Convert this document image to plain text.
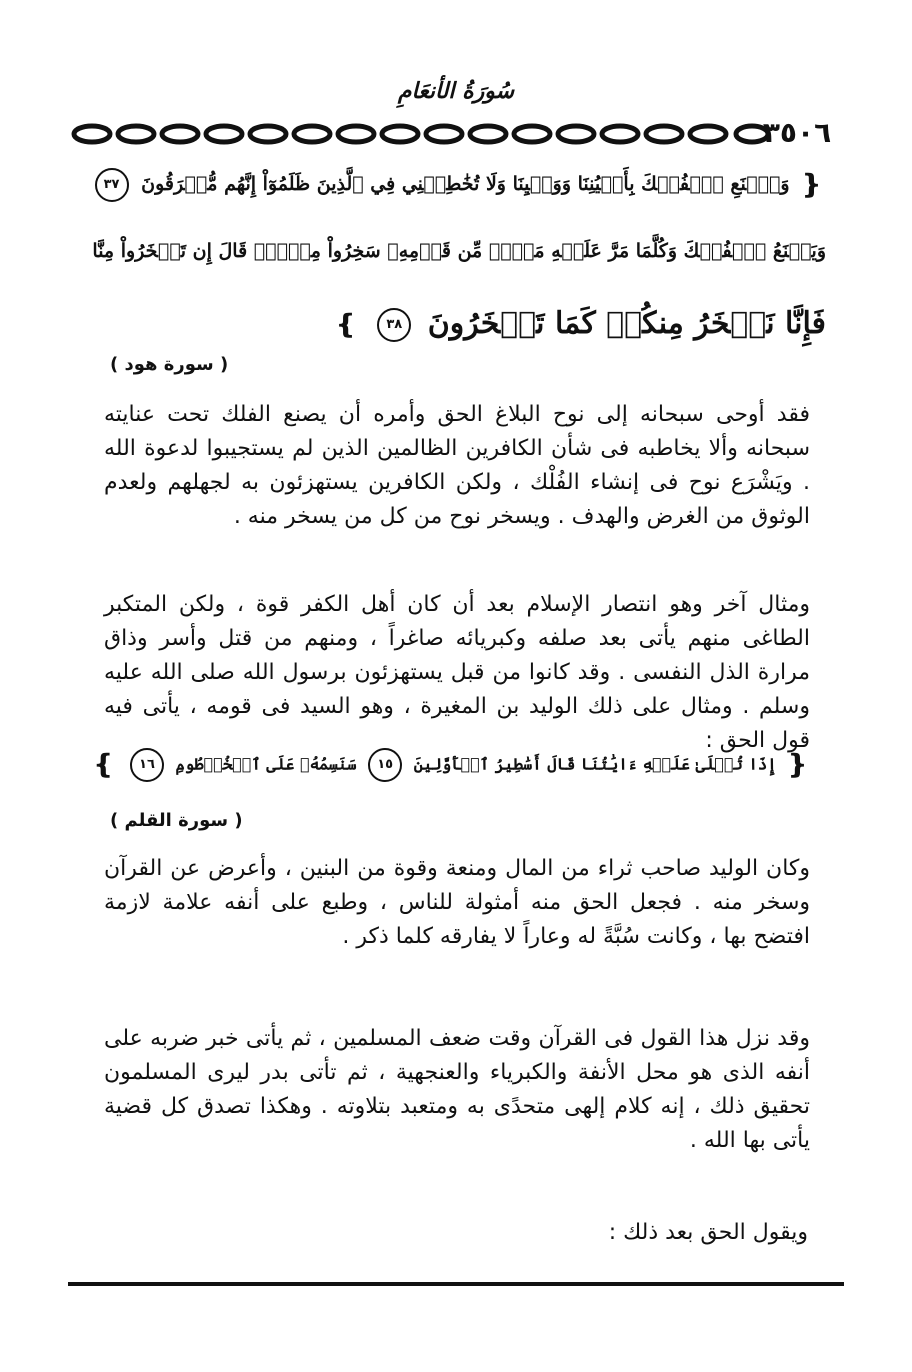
سُورَةُ الأنعَامِ
٣٥٠٦
❴ وَٱصۡنَعِ ٱلۡفُلۡكَ بِأَعۡيُنِنَا وَوَحۡيِنَا وَلَا تُخَٰطِبۡنِي فِي ٱلَّذِينَ ظَلَمُوٓاْ إِنَّهُم مُّغۡرَقُونَ ٣٧
وَيَصۡنَعُ ٱلۡفُلۡكَ وَكُلَّمَا مَرَّ عَلَيۡهِ مَلَأٞ مِّن قَوۡمِهِۦ سَخِرُواْ مِنۡهُۚ قَالَ إِن تَسۡخَرُواْ مِنَّا
فَإِنَّا نَسۡخَرُ مِنكُمۡ كَمَا تَسۡخَرُونَ ٣٨ ❵
( سورة هود )
فقد أوحى سبحانه إلى نوح البلاغ الحق وأمره أن يصنع الفلك تحت عنايته سبحانه وألا يخاطبه فى شأن الكافرين الظالمين الذين لم يستجيبوا لدعوة الله . ويَشْرَع نوح فى إنشاء الفُلْك ، ولكن الكافرين يستهزئون به لجهلهم ولعدم الوثوق من الغرض والهدف . ويسخر نوح من كل من يسخر منه .
ومثال آخر وهو انتصار الإسلام بعد أن كان أهل الكفر قوة ، ولكن المتكبر الطاغى منهم يأتى بعد صلفه وكبريائه صاغراً ، ومنهم من قتل وأسر وذاق مرارة الذل النفسى . وقد كانوا من قبل يستهزئون برسول الله صلى الله عليه وسلم . ومثال على ذلك الوليد بن المغيرة ، وهو السيد فى قومه ، يأتى فيه قول الحق :
❴ إِذَا تُتۡلَىٰ عَلَيۡهِ ءَايَٰتُنَا قَالَ أَسَٰطِيرُ ٱلۡأَوَّلِينَ ١٥ سَنَسِمُهُۥ عَلَى ٱلۡخُرۡطُومِ ١٦ ❵
( سورة القلم )
وكان الوليد صاحب ثراء من المال ومنعة وقوة من البنين ، وأعرض عن القرآن وسخر منه . فجعل الحق منه أمثولة للناس ، وطبع على أنفه علامة لازمة افتضح بها ، وكانت سُبَّةً له وعاراً لا يفارقه كلما ذكر .
وقد نزل هذا القول فى القرآن وقت ضعف المسلمين ، ثم يأتى خبر ضربه على أنفه الذى هو محل الأنفة والكبرياء والعنجهية ، ثم تأتى بدر ليرى المسلمون تحقيق ذلك ، إنه كلام إلهى متحدًى به ومتعبد بتلاوته . وهكذا تصدق كل قضية يأتى بها الله .
ويقول الحق بعد ذلك :
